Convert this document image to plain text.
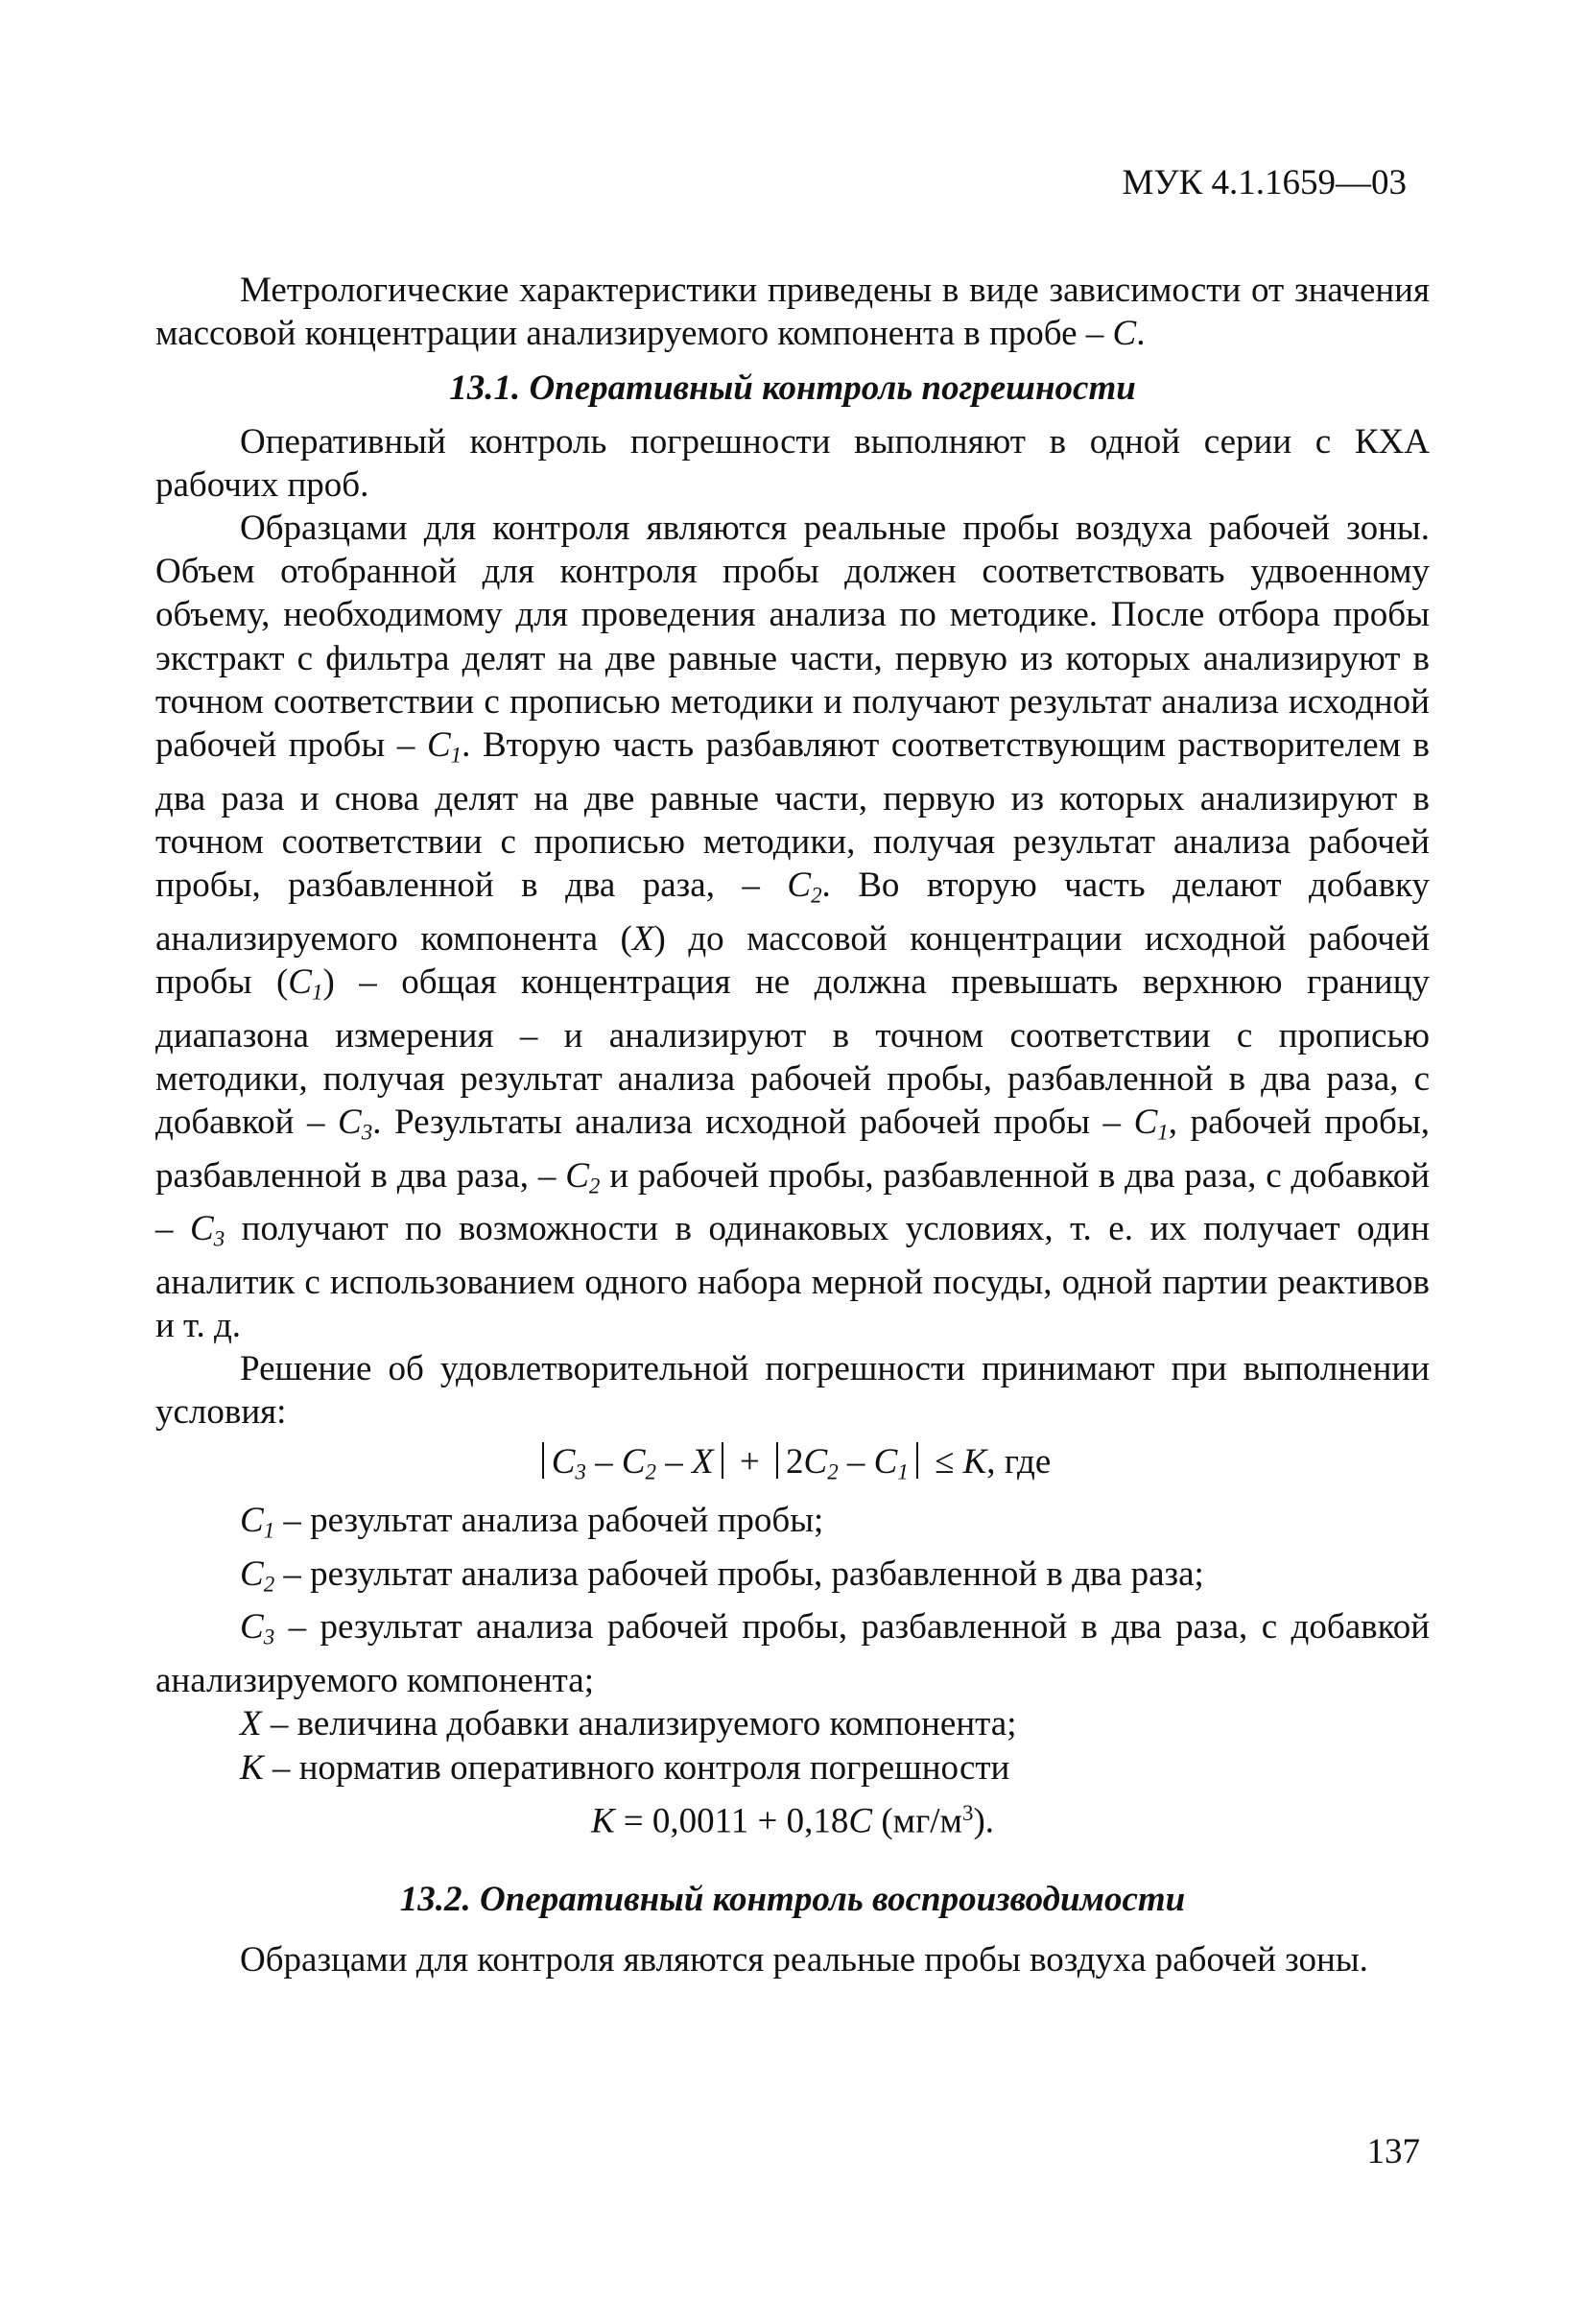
МУК 4.1.1659—03

Метрологические характеристики приведены в виде зависимости от значения массовой концентрации анализируемого компонента в пробе – С.

13.1. Оперативный контроль погрешности

Оперативный контроль погрешности выполняют в одной серии с КХА рабочих проб.

Образцами для контроля являются реальные пробы воздуха рабочей зоны. Объем отобранной для контроля пробы должен соответствовать удвоенному объему, необходимому для проведения анализа по методике. После отбора пробы экстракт с фильтра делят на две равные части, первую из которых анализируют в точном соответствии с прописью методики и получают результат анализа исходной рабочей пробы – $С_1$. Вторую часть разбавляют соответствующим растворителем в два раза и снова делят на две равные части, первую из которых анализируют в точном соответствии с прописью методики, получая результат анализа рабочей пробы, разбавленной в два раза, – $С_2$. Во вторую часть делают добавку анализируемого компонента (Х) до массовой концентрации исходной рабочей пробы $(С_1)$ – общая концентрация не должна превышать верхнюю границу диапазона измерения – и анализируют в точном соответствии с прописью методики, получая результат анализа рабочей пробы, разбавленной в два раза, с добавкой – $С_3$. Результаты анализа исходной рабочей пробы – $С_1$, рабочей пробы, разбавленной в два раза, – $С_2$ и рабочей пробы, разбавленной в два раза, с добавкой – $С_3$ получают по возможности в одинаковых условиях, т. е. их получает один аналитик с использованием одного набора мерной посуды, одной партии реактивов и т. д.

Решение об удовлетворительной погрешности принимают при выполнении условия:

$С_3 - С_2 - Х + 2С_2 - С_1 \le К$, где

$С_1$ – результат анализа рабочей пробы;

$С_2$ – результат анализа рабочей пробы, разбавленной в два раза;

$С_3$ – результат анализа рабочей пробы, разбавленной в два раза, с добавкой анализируемого компонента;

Х – величина добавки анализируемого компонента;

К – норматив оперативного контроля погрешности

К = 0,0011 + 0,18С $(мг/м^3)$.

13.2. Оперативный контроль воспроизводимости

Образцами для контроля являются реальные пробы воздуха рабочей зоны.

137
